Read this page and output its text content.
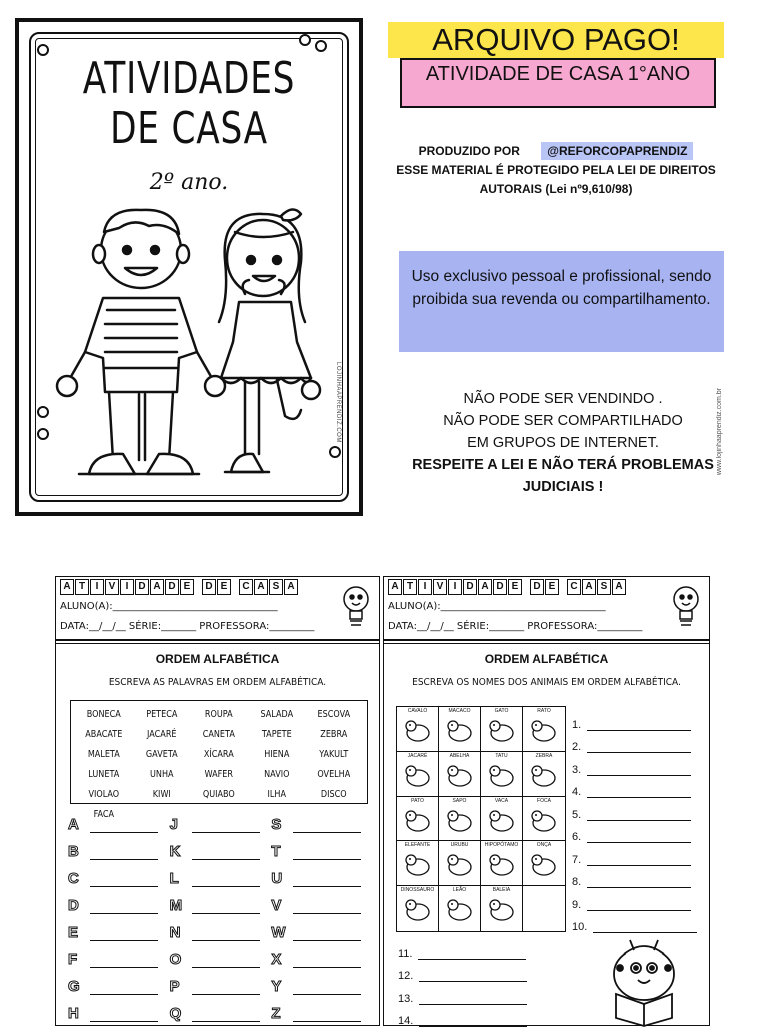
ATIVIDADES
DE CASA
2º ano.
LOJINHAAPRENDIZ.COM
ARQUIVO PAGO!
ATIVIDADE DE CASA 1°ANO
PRODUZIDO POR @REFORCOPAPRENDIZ
ESSE MATERIAL É PROTEGIDO PELA LEI DE DIREITOS
AUTORAIS (Lei nº9,610/98)
Uso exclusivo pessoal e profissional, sendo proibida sua revenda ou compartilhamento.
NÃO PODE SER VENDINDO .
NÃO PODE SER COMPARTILHADO
EM GRUPOS DE INTERNET.
RESPEITE A LEI E NÃO TERÁ PROBLEMAS
JUDICIAIS !
www.lojinhaaprendiz.com.br
A T	I	V	I D A D E	D E	C A S A
ALUNO(A):_________________________________
DATA:__/__/__ SÉRIE:_______ PROFESSORA:_________
ORDEM ALFABÉTICA
ESCREVA AS PALAVRAS EM ORDEM ALFABÉTICA.
BONECA	PETECA	ROUPA	SALADA	ESCOVA
ABACATE	JACARÉ	CANETA	TAPETE	ZEBRA
MALETA	GAVETA	XÍCARA	HIENA	YAKULT
LUNETA	UNHA	WAFER	NAVIO	OVELHA
VIOLÃO	KIWI	QUIABO	ILHA	DISCO
FACA
A	J	S
B	K	T
C	L	U
D	M	V
E	N	W
F	O	X
G	P	Y
H	Q	Z
A T	I	V	I D A D E	D E	C A S A
ALUNO(A):_________________________________
DATA:__/__/__ SÉRIE:_______ PROFESSORA:_________
ORDEM ALFABÉTICA
ESCREVA OS NOMES DOS ANIMAIS EM ORDEM ALFABÉTICA.
CAVALO	MACACO	GATO	RATO
JACARÉ	ABELHA	TATU	ZEBRA
PATO	SAPO	VACA	FOCA
ELEFANTE	URUBU	HIPOPÓTAMO	ONÇA
DINOSSAURO	LEÃO	BALEIA
1.
2.
3.
4.
5.
6.
7.
8.
9.
10.
11.
12.
13.
14.
